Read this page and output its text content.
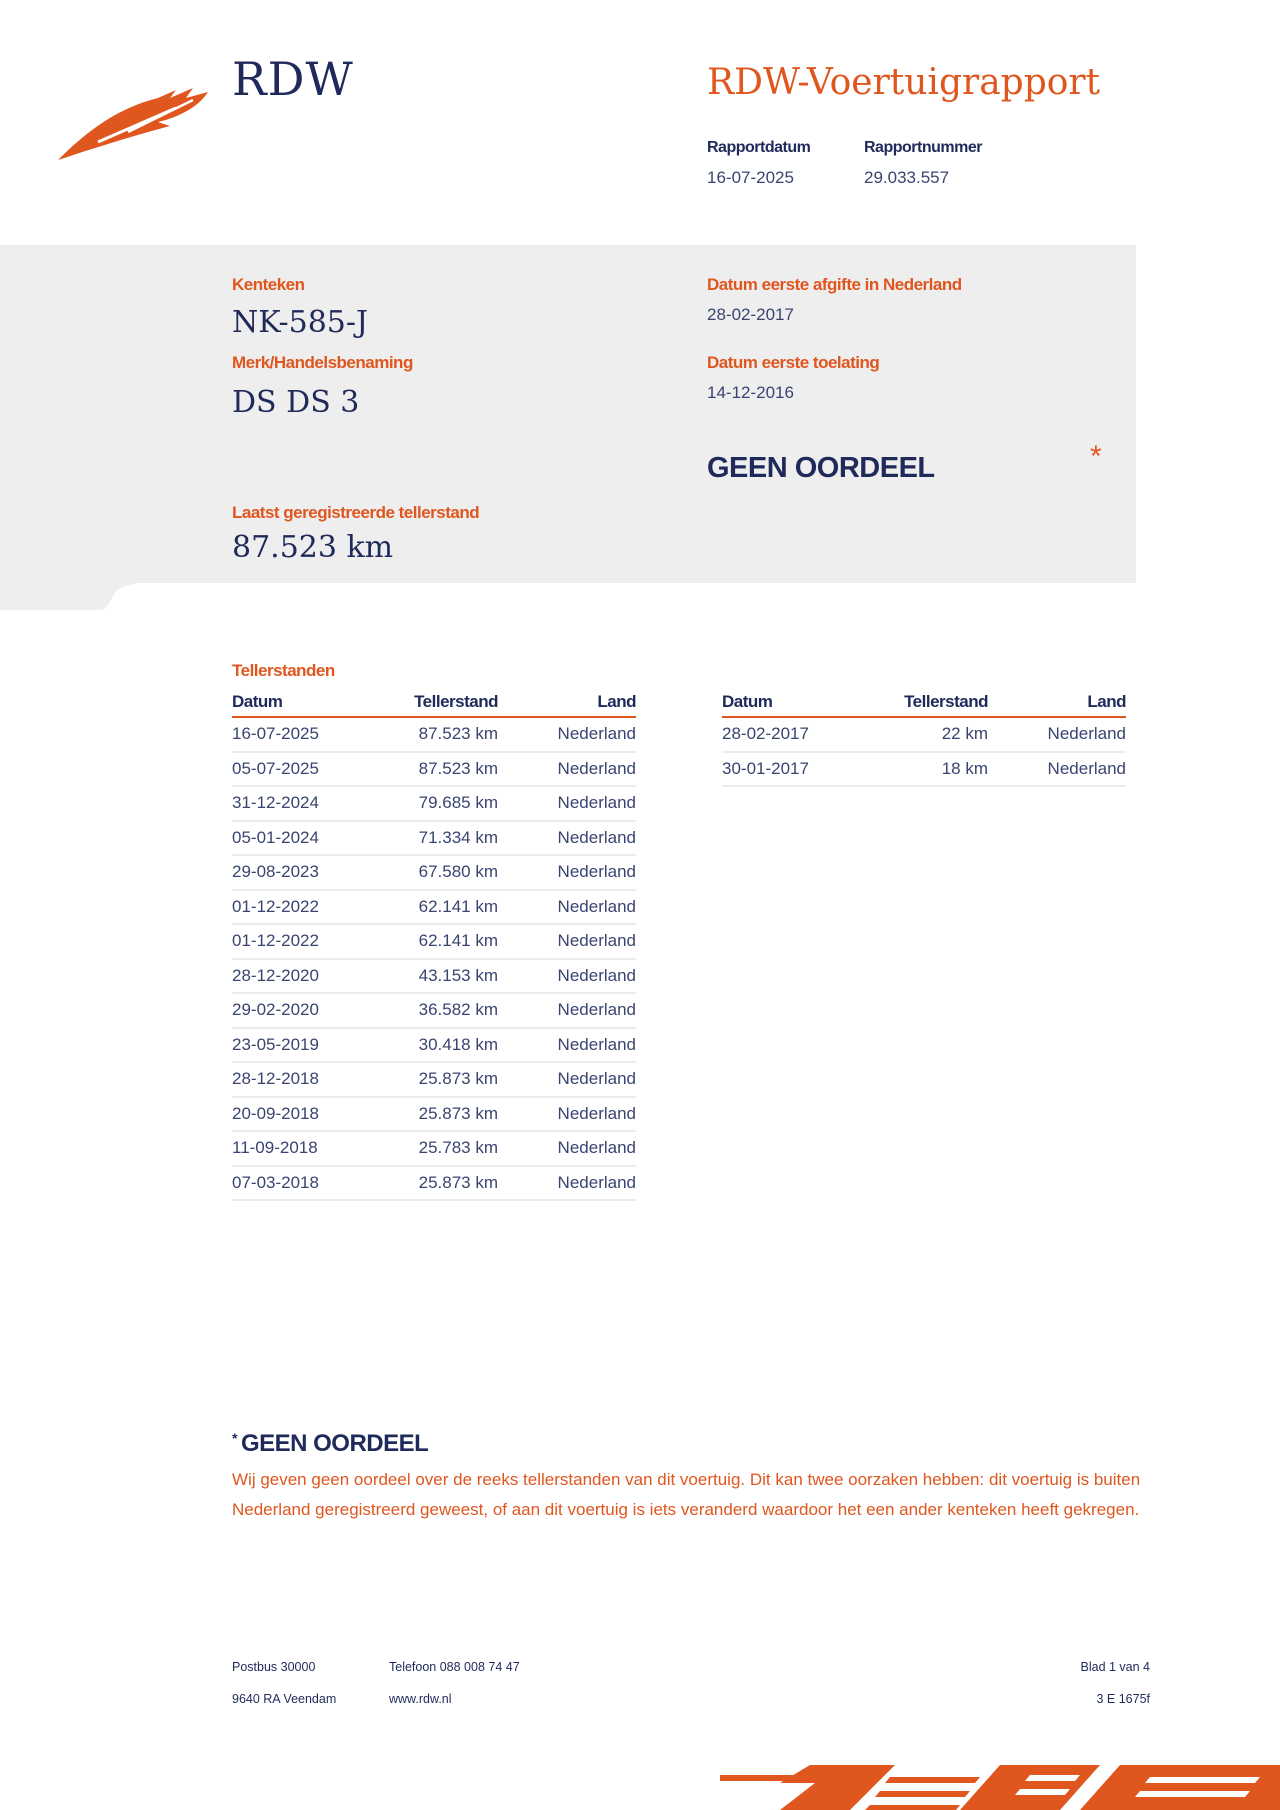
RDW	RDW-Voertuigrapport
Rapportdatum
16-07-2025
Rapportnummer
29.033.557
Kenteken
NK-585-J
Merk/Handelsbenaming
DS DS 3
Datum eerste afgifte in Nederland
28-02-2017
Datum eerste toelating
14-12-2016
GEEN OORDEEL	*
Laatst geregistreerde tellerstand
87.523 km
Tellerstanden
Datum	Tellerstand	Land
16-07-2025	87.523 km	Nederland
05-07-2025	87.523 km	Nederland
31-12-2024	79.685 km	Nederland
05-01-2024	71.334 km	Nederland
29-08-2023	67.580 km	Nederland
01-12-2022	62.141 km	Nederland
01-12-2022	62.141 km	Nederland
28-12-2020	43.153 km	Nederland
29-02-2020	36.582 km	Nederland
23-05-2019	30.418 km	Nederland
28-12-2018	25.873 km	Nederland
20-09-2018	25.873 km	Nederland
11-09-2018	25.783 km	Nederland
07-03-2018	25.873 km	Nederland
Datum	Tellerstand	Land
28-02-2017	22 km	Nederland
30-01-2017	18 km	Nederland
* GEEN OORDEEL
Wij geven geen oordeel over de reeks tellerstanden van dit voertuig. Dit kan twee oorzaken hebben: dit voertuig is buiten Nederland geregistreerd geweest, of aan dit voertuig is iets veranderd waardoor het een ander kenteken heeft gekregen.
Postbus 30000
9640 RA Veendam
Telefoon 088 008 74 47
www.rdw.nl
Blad 1 van 4
3 E 1675f
